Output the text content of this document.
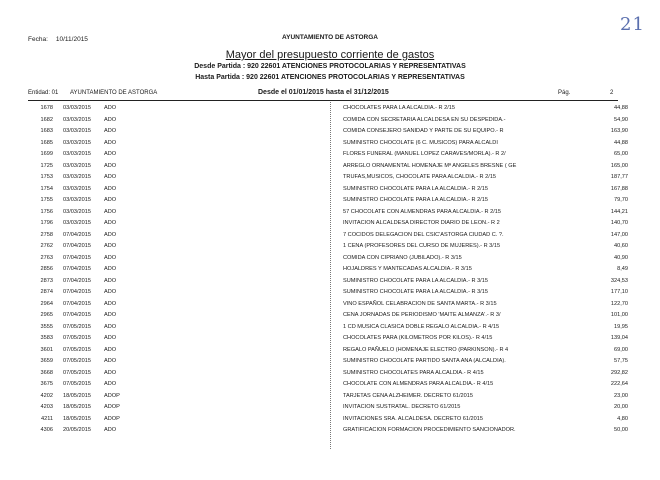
Fecha: 10/11/2015	AYUNTAMIENTO DE ASTORGA
21
Mayor del presupuesto corriente de gastos
Desde Partida : 920 22601 ATENCIONES PROTOCOLARIAS Y REPRESENTATIVAS
Hasta Partida : 920 22601 ATENCIONES PROTOCOLARIAS Y REPRESENTATIVAS
Entidad: 01 AYUNTAMIENTO DE ASTORGA	Desde el 01/01/2015 hasta el 31/12/2015	Pág.	2
1678 03/03/2015 ADO	CHOCOLATES PARA LA ALCALDIA.- R 2/15	44,88
1682 03/03/2015 ADO	COMIDA CON SECRETARIA ALCALDESA EN SU DESPEDIDA.-	54,90
1683 03/03/2015 ADO	COMIDA CONSEJERO SANIDAD Y PARTE DE SU EQUIPO.- R	163,90
1685 03/03/2015 ADO	SUMINISTRO CHOCOLATE (6 C. MUSICOS) PARA ALCALDI	44,88
1699 03/03/2015 ADO	FLORES FUNERAL (MANUEL LOPEZ CARAVES/MORLA).- R 2/	65,00
1725 03/03/2015 ADO	ARREGLO ORNAMENTAL HOMENAJE Mª ANGELES BRESNE ( GE	165,00
1753 03/03/2015 ADO	TRUFAS,MUSICOS, CHOCOLATE PARA ALCALDIA.- R 2/15	187,77
1754 03/03/2015 ADO	SUMINISTRO CHOCOLATE PARA LA ALCALDIA.- R 2/15	167,88
1755 03/03/2015 ADO	SUMINISTRO CHOCOLATE PARA LA ALCALDIA.- R 2/15	79,70
1756 03/03/2015 ADO	57 CHOCOLATE CON ALMENDRAS PARA ALCALDIA.- R 2/15	144,21
1796 03/03/2015 ADO	INVITACION ALCALDESA DIRECTOR DIARIO DE LEON.- R 2	140,70
2758 07/04/2015 ADO	7 COCIDOS DELEGACION DEL CSIC'ASTORGA CIUDAD C. ?.	147,00
2762 07/04/2015 ADO	1 CENA (PROFESORES DEL CURSO DE MUJERES).- R 3/15	40,60
2763 07/04/2015 ADO	COMIDA CON CIPRIANO (JUBILADO).- R 3/15	40,90
2856 07/04/2015 ADO	HOJALDRES Y MANTECADAS ALCALDIA.- R 3/15	8,49
2873 07/04/2015 ADO	SUMINISTRO CHOCOLATE PARA LA ALCALDIA.- R 3/15	324,53
2874 07/04/2015 ADO	SUMINISTRO CHOCOLATE PARA LA ALCALDIA.- R 3/15	177,10
2964 07/04/2015 ADO	VINO ESPAÑOL CELABRACION DE SANTA MARTA.- R 3/15	122,70
2965 07/04/2015 ADO	CENA JORNADAS DE PERIODISMO 'MAITE ALMANZA'.- R 3/	101,00
3555 07/05/2015 ADO	1 CD MUSICA CLASICA DOBLE REGALO ALCALDIA.- R 4/15	19,95
3583 07/05/2015 ADO	CHOCOLATES PARA (KILOMETROS POR KILOS).- R 4/15	139,04
3601 07/05/2015 ADO	REGALO PAÑUELO (HOMENAJE ELECTRO (PARKINSON).- R 4	69,00
3659 07/05/2015 ADO	SUMINISTRO CHOCOLATE PARTIDO SANTA ANA (ALCALDIA).	57,75
3668 07/05/2015 ADO	SUMINISTRO CHOCOLATES PARA ALCALDIA.- R 4/15	292,82
3675 07/05/2015 ADO	CHOCOLATE CON ALMENDRAS PARA ALCALDIA.- R 4/15	222,64
4202 18/05/2015 ADOP	TARJETAS CENA ALZHEIMER. DECRETO 61/2015	23,00
4203 18/05/2015 ADOP	INVITACION SUSTRATAL. DECRETO 61/2015	20,00
4211 18/05/2015 ADOP	INVITACIONES SRA. ALCALDESA. DECRETO 61/2015	4,80
4306 20/05/2015 ADO	GRATIFICACION FORMACION PROCEDIMIENTO SANCIONADOR.	50,00
